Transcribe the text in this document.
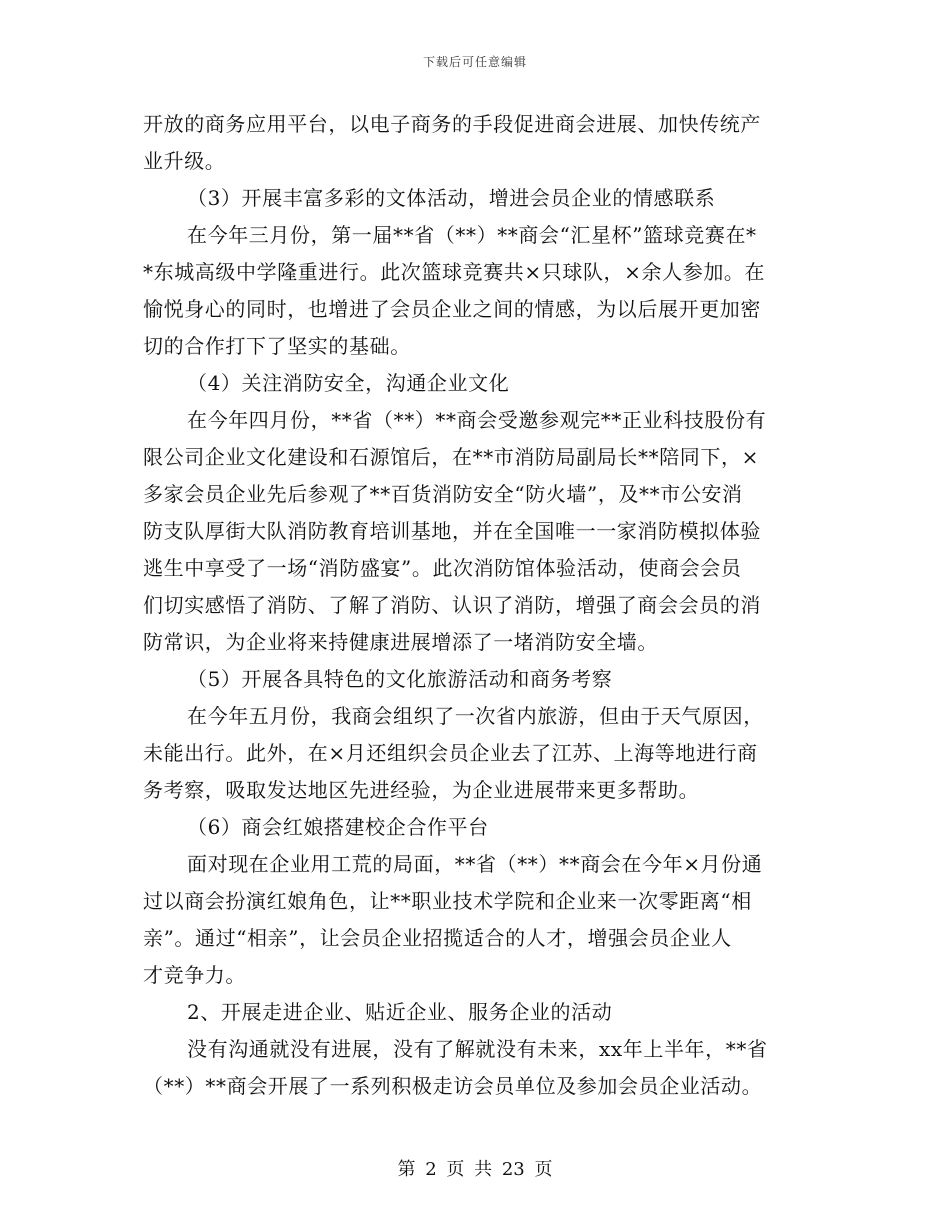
下载后可任意编辑
开放的商务应用平台，以电子商务的手段促进商会进展、加快传统产
业升级。
（3）开展丰富多彩的文体活动，增进会员企业的情感联系
在今年三月份，第一届**省（**）**商会“汇星杯”篮球竞赛在*
*东城高级中学隆重进行。此次篮球竞赛共×只球队，×余人参加。在
愉悦身心的同时，也增进了会员企业之间的情感，为以后展开更加密
切的合作打下了坚实的基础。
（4）关注消防安全，沟通企业文化
在今年四月份，**省（**）**商会受邀参观完**正业科技股份有
限公司企业文化建设和石源馆后，在**市消防局副局长**陪同下，×
多家会员企业先后参观了**百货消防安全“防火墙”，及**市公安消
防支队厚街大队消防教育培训基地，并在全国唯一一家消防模拟体验
逃生中享受了一场“消防盛宴”。此次消防馆体验活动，使商会会员
们切实感悟了消防、了解了消防、认识了消防，增强了商会会员的消
防常识，为企业将来持健康进展增添了一堵消防安全墙。
（5）开展各具特色的文化旅游活动和商务考察
在今年五月份，我商会组织了一次省内旅游，但由于天气原因，
未能出行。此外，在×月还组织会员企业去了江苏、上海等地进行商
务考察，吸取发达地区先进经验，为企业进展带来更多帮助。
（6）商会红娘搭建校企合作平台
面对现在企业用工荒的局面，**省（**）**商会在今年×月份通
过以商会扮演红娘角色，让**职业技术学院和企业来一次零距离“相
亲”。通过“相亲”，让会员企业招揽适合的人才，增强会员企业人
才竞争力。
2、开展走进企业、贴近企业、服务企业的活动
没有沟通就没有进展，没有了解就没有未来，xx年上半年，**省
（**）**商会开展了一系列积极走访会员单位及参加会员企业活动。
第 2 页 共 23 页
